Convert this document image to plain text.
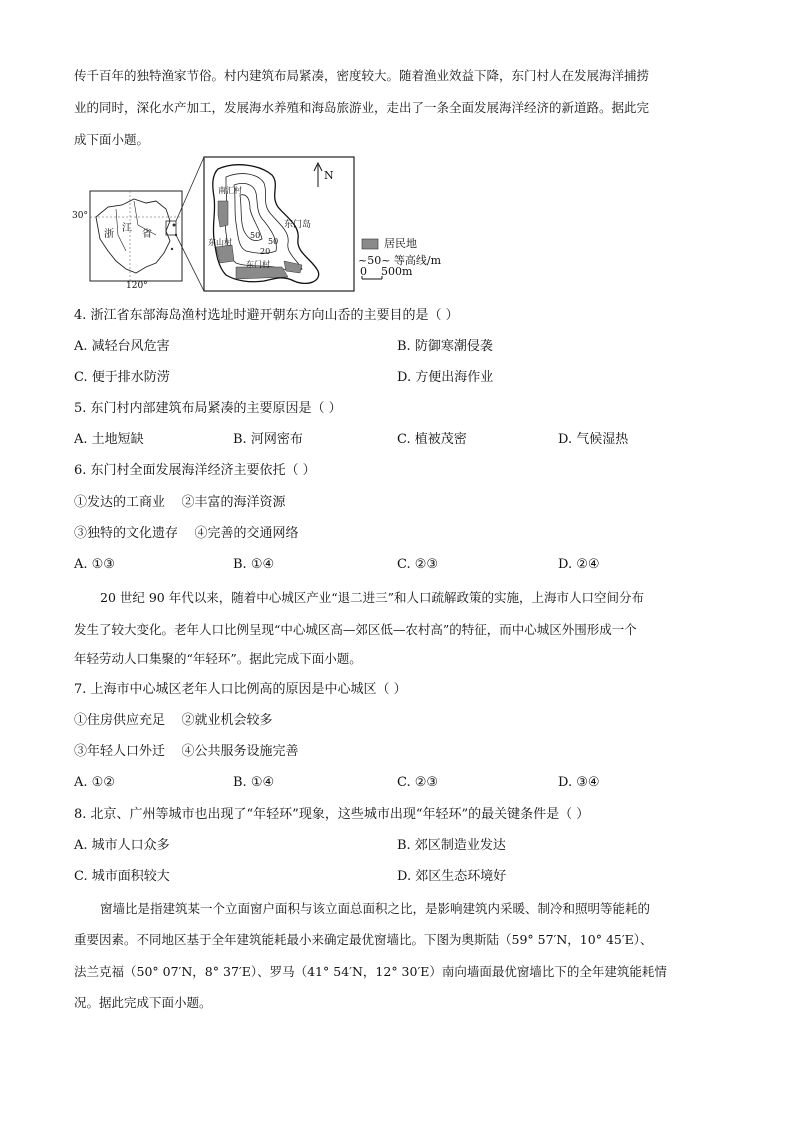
传千百年的独特渔家节俗。村内建筑布局紧凑，密度较大。随着渔业效益下降，东门村人在发展海洋捕捞
业的同时，深化水产加工，发展海水养殖和海岛旅游业，走出了一条全面发展海洋经济的新道路。据此完
成下面小题。
30°
120°
浙
江
省
N
南汇村
东门岛
东山村
东门村
50
50
20
居民地
~50~ 等高线/m
0    500m
4. 浙江省东部海岛渔村选址时避开朝东方向山岙的主要目的是（ ）
A. 减轻台风危害	B. 防御寒潮侵袭
C. 便于排水防涝	D. 方便出海作业
5. 东门村内部建筑布局紧凑的主要原因是（ ）
A. 土地短缺	B. 河网密布	C. 植被茂密	D. 气候湿热
6. 东门村全面发展海洋经济主要依托（ ）
①发达的工商业    ②丰富的海洋资源
③独特的文化遗存    ④完善的交通网络
A. ①③	B. ①④	C. ②③	D. ②④
20 世纪 90 年代以来，随着中心城区产业“退二进三”和人口疏解政策的实施，上海市人口空间分布
发生了较大变化。老年人口比例呈现“中心城区高—郊区低—农村高”的特征，而中心城区外围形成一个
年轻劳动人口集聚的“年轻环”。据此完成下面小题。
7. 上海市中心城区老年人口比例高的原因是中心城区（ ）
①住房供应充足    ②就业机会较多
③年轻人口外迁    ④公共服务设施完善
A. ①②	B. ①④	C. ②③	D. ③④
8. 北京、广州等城市也出现了“年轻环”现象，这些城市出现“年轻环”的最关键条件是（ ）
A. 城市人口众多	B. 郊区制造业发达
C. 城市面积较大	D. 郊区生态环境好
窗墙比是指建筑某一个立面窗户面积与该立面总面积之比，是影响建筑内采暖、制冷和照明等能耗的
重要因素。不同地区基于全年建筑能耗最小来确定最优窗墙比。下图为奥斯陆（59° 57′N，10° 45′E）、
法兰克福（50° 07′N，8° 37′E）、罗马（41° 54′N，12° 30′E）南向墙面最优窗墙比下的全年建筑能耗情
况。据此完成下面小题。
